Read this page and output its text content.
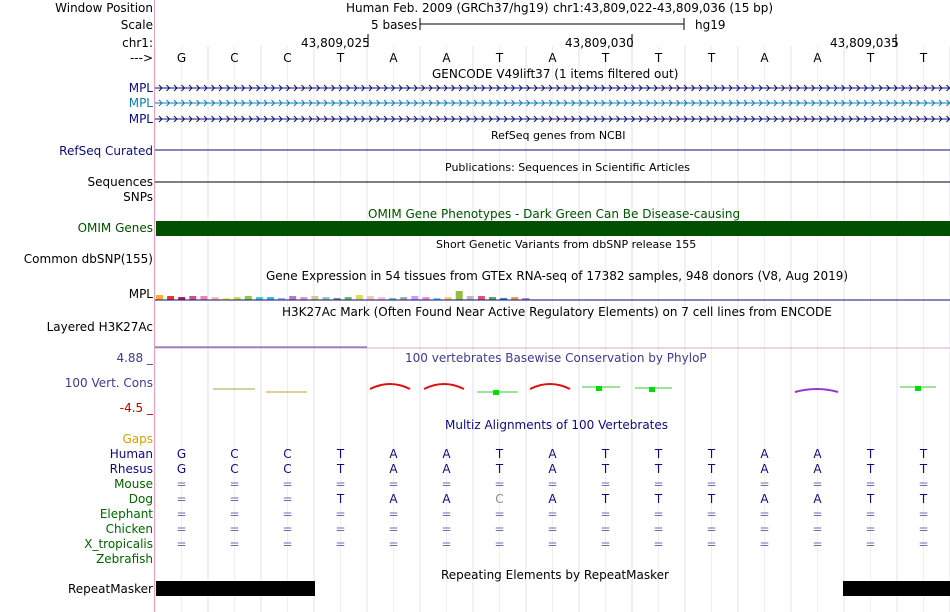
Window Position	Human Feb. 2009 (GRCh37/hg19) chr1:43,809,022-43,809,036 (15 bp)
Scale	5 bases	hg19
chr1:	43,809,025	43,809,030	43,809,035
---> G	C	C	T	A	A	T	A	T	T	T	A	A	T	T
GENCODE V49lift37 (1 items filtered out)
MPL
MPL
MPL
RefSeq genes from NCBI
RefSeq Curated
Publications: Sequences in Scientific Articles
Sequences
SNPs
OMIM Gene Phenotypes - Dark Green Can Be Disease-causing
OMIM Genes
Short Genetic Variants from dbSNP release 155
Common dbSNP(155)
Gene Expression in 54 tissues from GTEx RNA-seq of 17382 samples, 948 donors (V8, Aug 2019)
MPL
H3K27Ac Mark (Often Found Near Active Regulatory Elements) on 7 cell lines from ENCODE
Layered H3K27Ac
100 vertebrates Basewise Conservation by PhyloP
4.88 _
100 Vert. Cons
-4.5 _
Multiz Alignments of 100 Vertebrates
Gaps
Human G	C	C	T	A	A	T	A	T	T	T	A	A	T	T
Rhesus G	C	C	T	A	A	T	A	T	T	T	A	A	T	T
Mouse =	=	=	=	=	=	=	=	=	=	=	=	=	=	=
Dog =	=	=	T	A	A	C	A	T	T	T	A	A	T	T
Elephant =	=	=	=	=	=	=	=	=	=	=	=	=	=	=
Chicken =	=	=	=	=	=	=	=	=	=	=	=	=	=	=
X_tropicalis =	=	=	=	=	=	=	=	=	=	=	=	=	=	=
Zebrafish
Repeating Elements by RepeatMasker
RepeatMasker
